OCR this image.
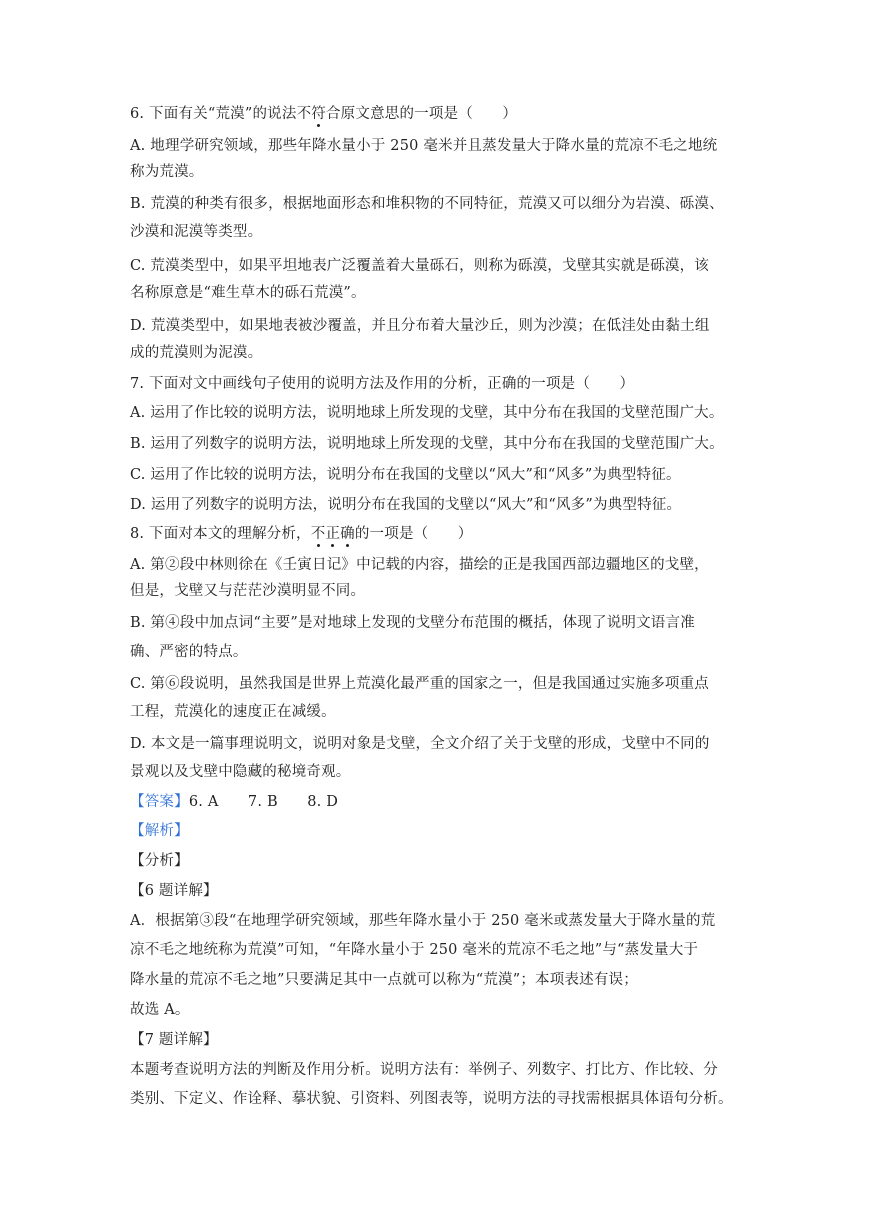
6. 下面有关“荒漠”的说法不符合原文意思的一项是（　　）
A. 地理学研究领域，那些年降水量小于 250 毫米并且蒸发量大于降水量的荒凉不毛之地统
称为荒漠。
B. 荒漠的种类有很多，根据地面形态和堆积物的不同特征，荒漠又可以细分为岩漠、砾漠、
沙漠和泥漠等类型。
C. 荒漠类型中，如果平坦地表广泛覆盖着大量砾石，则称为砾漠，戈壁其实就是砾漠，该
名称原意是“难生草木的砾石荒漠”。
D. 荒漠类型中，如果地表被沙覆盖，并且分布着大量沙丘，则为沙漠；在低洼处由黏土组
成的荒漠则为泥漠。
7. 下面对文中画线句子使用的说明方法及作用的分析，正确的一项是（　　）
A. 运用了作比较的说明方法，说明地球上所发现的戈壁，其中分布在我国的戈壁范围广大。
B. 运用了列数字的说明方法，说明地球上所发现的戈壁，其中分布在我国的戈壁范围广大。
C. 运用了作比较的说明方法，说明分布在我国的戈壁以“风大”和“风多”为典型特征。
D. 运用了列数字的说明方法，说明分布在我国的戈壁以“风大”和“风多”为典型特征。
8. 下面对本文的理解分析，不正确的一项是（　　）
A. 第②段中林则徐在《壬寅日记》中记载的内容，描绘的正是我国西部边疆地区的戈壁，
但是，戈壁又与茫茫沙漠明显不同。
B. 第④段中加点词“主要”是对地球上发现的戈壁分布范围的概括，体现了说明文语言准
确、严密的特点。
C. 第⑥段说明，虽然我国是世界上荒漠化最严重的国家之一，但是我国通过实施多项重点
工程，荒漠化的速度正在减缓。
D. 本文是一篇事理说明文，说明对象是戈壁，全文介绍了关于戈壁的形成，戈壁中不同的
景观以及戈壁中隐藏的秘境奇观。
【答案】6. A　　7. B　　8. D
【解析】
【分析】
【6 题详解】
A．根据第③段“在地理学研究领域，那些年降水量小于 250 毫米或蒸发量大于降水量的荒
凉不毛之地统称为荒漠”可知，“年降水量小于 250 毫米的荒凉不毛之地”与“蒸发量大于
降水量的荒凉不毛之地”只要满足其中一点就可以称为“荒漠”；本项表述有误；
故选 A。
【7 题详解】
本题考查说明方法的判断及作用分析。说明方法有：举例子、列数字、打比方、作比较、分
类别、下定义、作诠释、摹状貌、引资料、列图表等，说明方法的寻找需根据具体语句分析。
